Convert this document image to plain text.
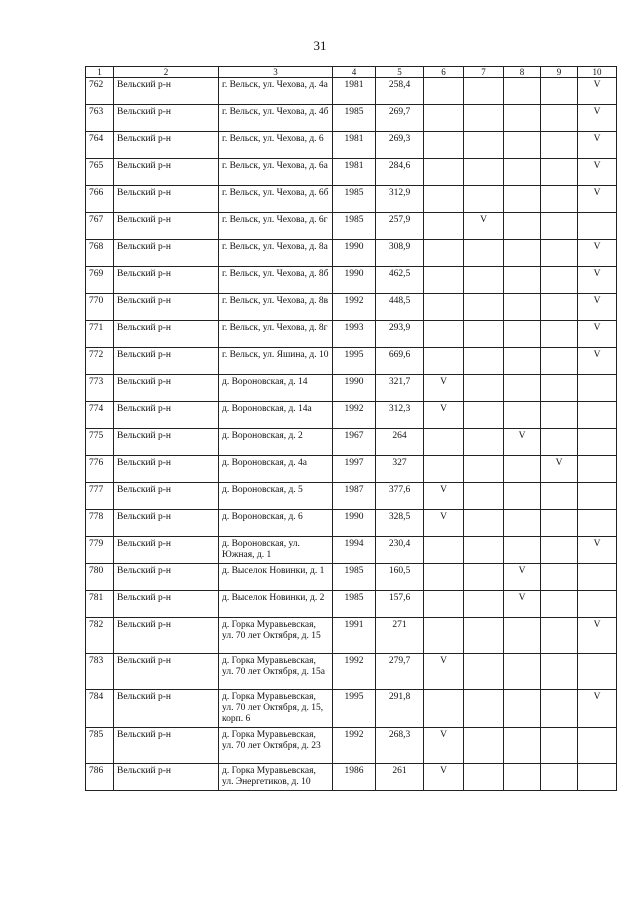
31
1	2	3	4	5	6	7	8	9	10
762	Вельский р-н	г. Вельск, ул. Чехова, д. 4а	1981	258,4					V
763	Вельский р-н	г. Вельск, ул. Чехова, д. 4б	1985	269,7					V
764	Вельский р-н	г. Вельск, ул. Чехова, д. 6	1981	269,3					V
765	Вельский р-н	г. Вельск, ул. Чехова, д. 6а	1981	284,6					V
766	Вельский р-н	г. Вельск, ул. Чехова, д. 6б	1985	312,9					V
767	Вельский р-н	г. Вельск, ул. Чехова, д. 6г	1985	257,9		V			
768	Вельский р-н	г. Вельск, ул. Чехова, д. 8а	1990	308,9					V
769	Вельский р-н	г. Вельск, ул. Чехова, д. 8б	1990	462,5					V
770	Вельский р-н	г. Вельск, ул. Чехова, д. 8в	1992	448,5					V
771	Вельский р-н	г. Вельск, ул. Чехова, д. 8г	1993	293,9					V
772	Вельский р-н	г. Вельск, ул. Яшина, д. 10	1995	669,6					V
773	Вельский р-н	д. Вороновская, д. 14	1990	321,7	V				
774	Вельский р-н	д. Вороновская, д. 14а	1992	312,3	V				
775	Вельский р-н	д. Вороновская, д. 2	1967	264			V		
776	Вельский р-н	д. Вороновская, д. 4а	1997	327				V	
777	Вельский р-н	д. Вороновская, д. 5	1987	377,6	V				
778	Вельский р-н	д. Вороновская, д. 6	1990	328,5	V				
779	Вельский р-н	д. Вороновская, ул. Южная, д. 1	1994	230,4					V
780	Вельский р-н	д. Выселок Новинки, д. 1	1985	160,5			V		
781	Вельский р-н	д. Выселок Новинки, д. 2	1985	157,6			V		
782	Вельский р-н	д. Горка Муравьевская, ул. 70 лет Октября, д. 15	1991	271					V
783	Вельский р-н	д. Горка Муравьевская, ул. 70 лет Октября, д. 15а	1992	279,7	V				
784	Вельский р-н	д. Горка Муравьевская, ул. 70 лет Октября, д. 15, корп. 6	1995	291,8					V
785	Вельский р-н	д. Горка Муравьевская, ул. 70 лет Октября, д. 23	1992	268,3	V				
786	Вельский р-н	д. Горка Муравьевская, ул. Энергетиков, д. 10	1986	261	V				
